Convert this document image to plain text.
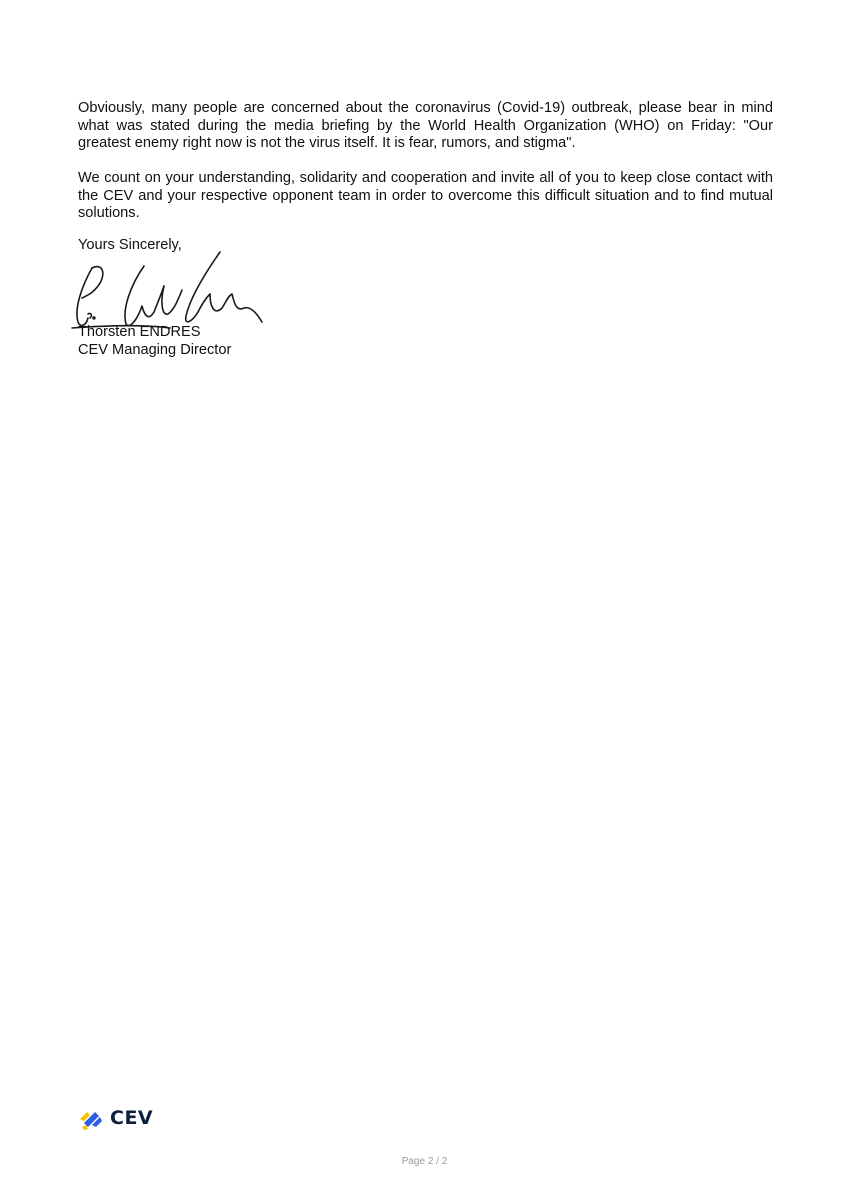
Obviously, many people are concerned about the coronavirus (Covid-19) outbreak, please bear in mind what was stated during the media briefing by the World Health Organization (WHO) on Friday: "Our greatest enemy right now is not the virus itself. It is fear, rumors, and stigma".

We count on your understanding, solidarity and cooperation and invite all of you to keep close contact with the CEV and your respective opponent team in order to overcome this difficult situation and to find mutual solutions.

Yours Sincerely,
Thorsten ENDRES
CEV Managing Director
CEV
Page 2 / 2
